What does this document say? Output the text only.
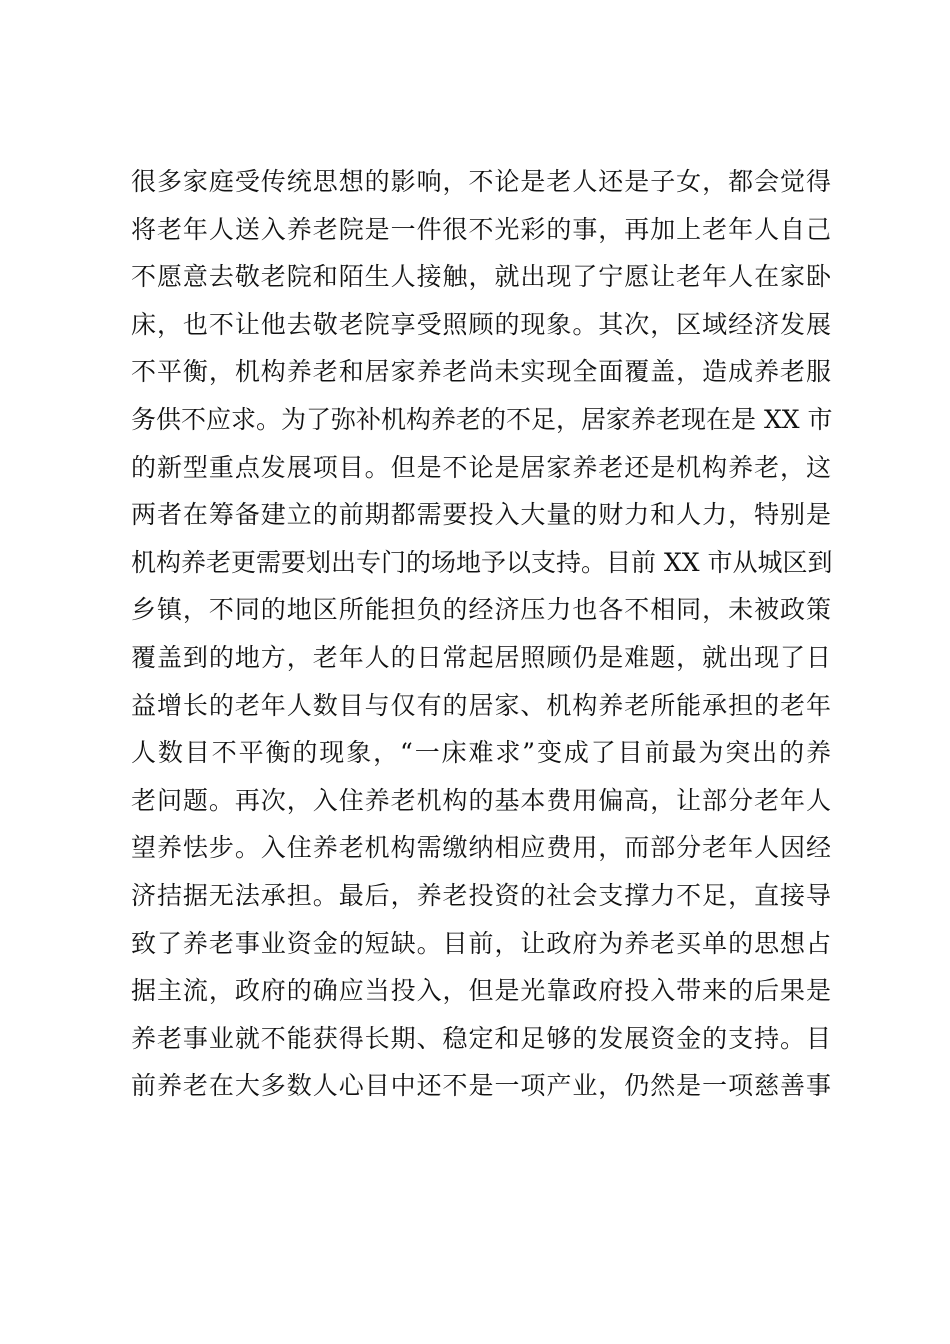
很多家庭受传统思想的影响，不论是老人还是子女，都会觉得
将老年人送入养老院是一件很不光彩的事，再加上老年人自己
不愿意去敬老院和陌生人接触，就出现了宁愿让老年人在家卧
床，也不让他去敬老院享受照顾的现象。其次，区域经济发展
不平衡，机构养老和居家养老尚未实现全面覆盖，造成养老服
务供不应求。为了弥补机构养老的不足，居家养老现在是 XX 市
的新型重点发展项目。但是不论是居家养老还是机构养老，这
两者在筹备建立的前期都需要投入大量的财力和人力，特别是
机构养老更需要划出专门的场地予以支持。目前 XX 市从城区到
乡镇，不同的地区所能担负的经济压力也各不相同，未被政策
覆盖到的地方，老年人的日常起居照顾仍是难题，就出现了日
益增长的老年人数目与仅有的居家、机构养老所能承担的老年
人数目不平衡的现象，“一床难求”变成了目前最为突出的养
老问题。再次，入住养老机构的基本费用偏高，让部分老年人
望养怯步。入住养老机构需缴纳相应费用，而部分老年人因经
济拮据无法承担。最后，养老投资的社会支撑力不足，直接导
致了养老事业资金的短缺。目前，让政府为养老买单的思想占
据主流，政府的确应当投入，但是光靠政府投入带来的后果是
养老事业就不能获得长期、稳定和足够的发展资金的支持。目
前养老在大多数人心目中还不是一项产业，仍然是一项慈善事
